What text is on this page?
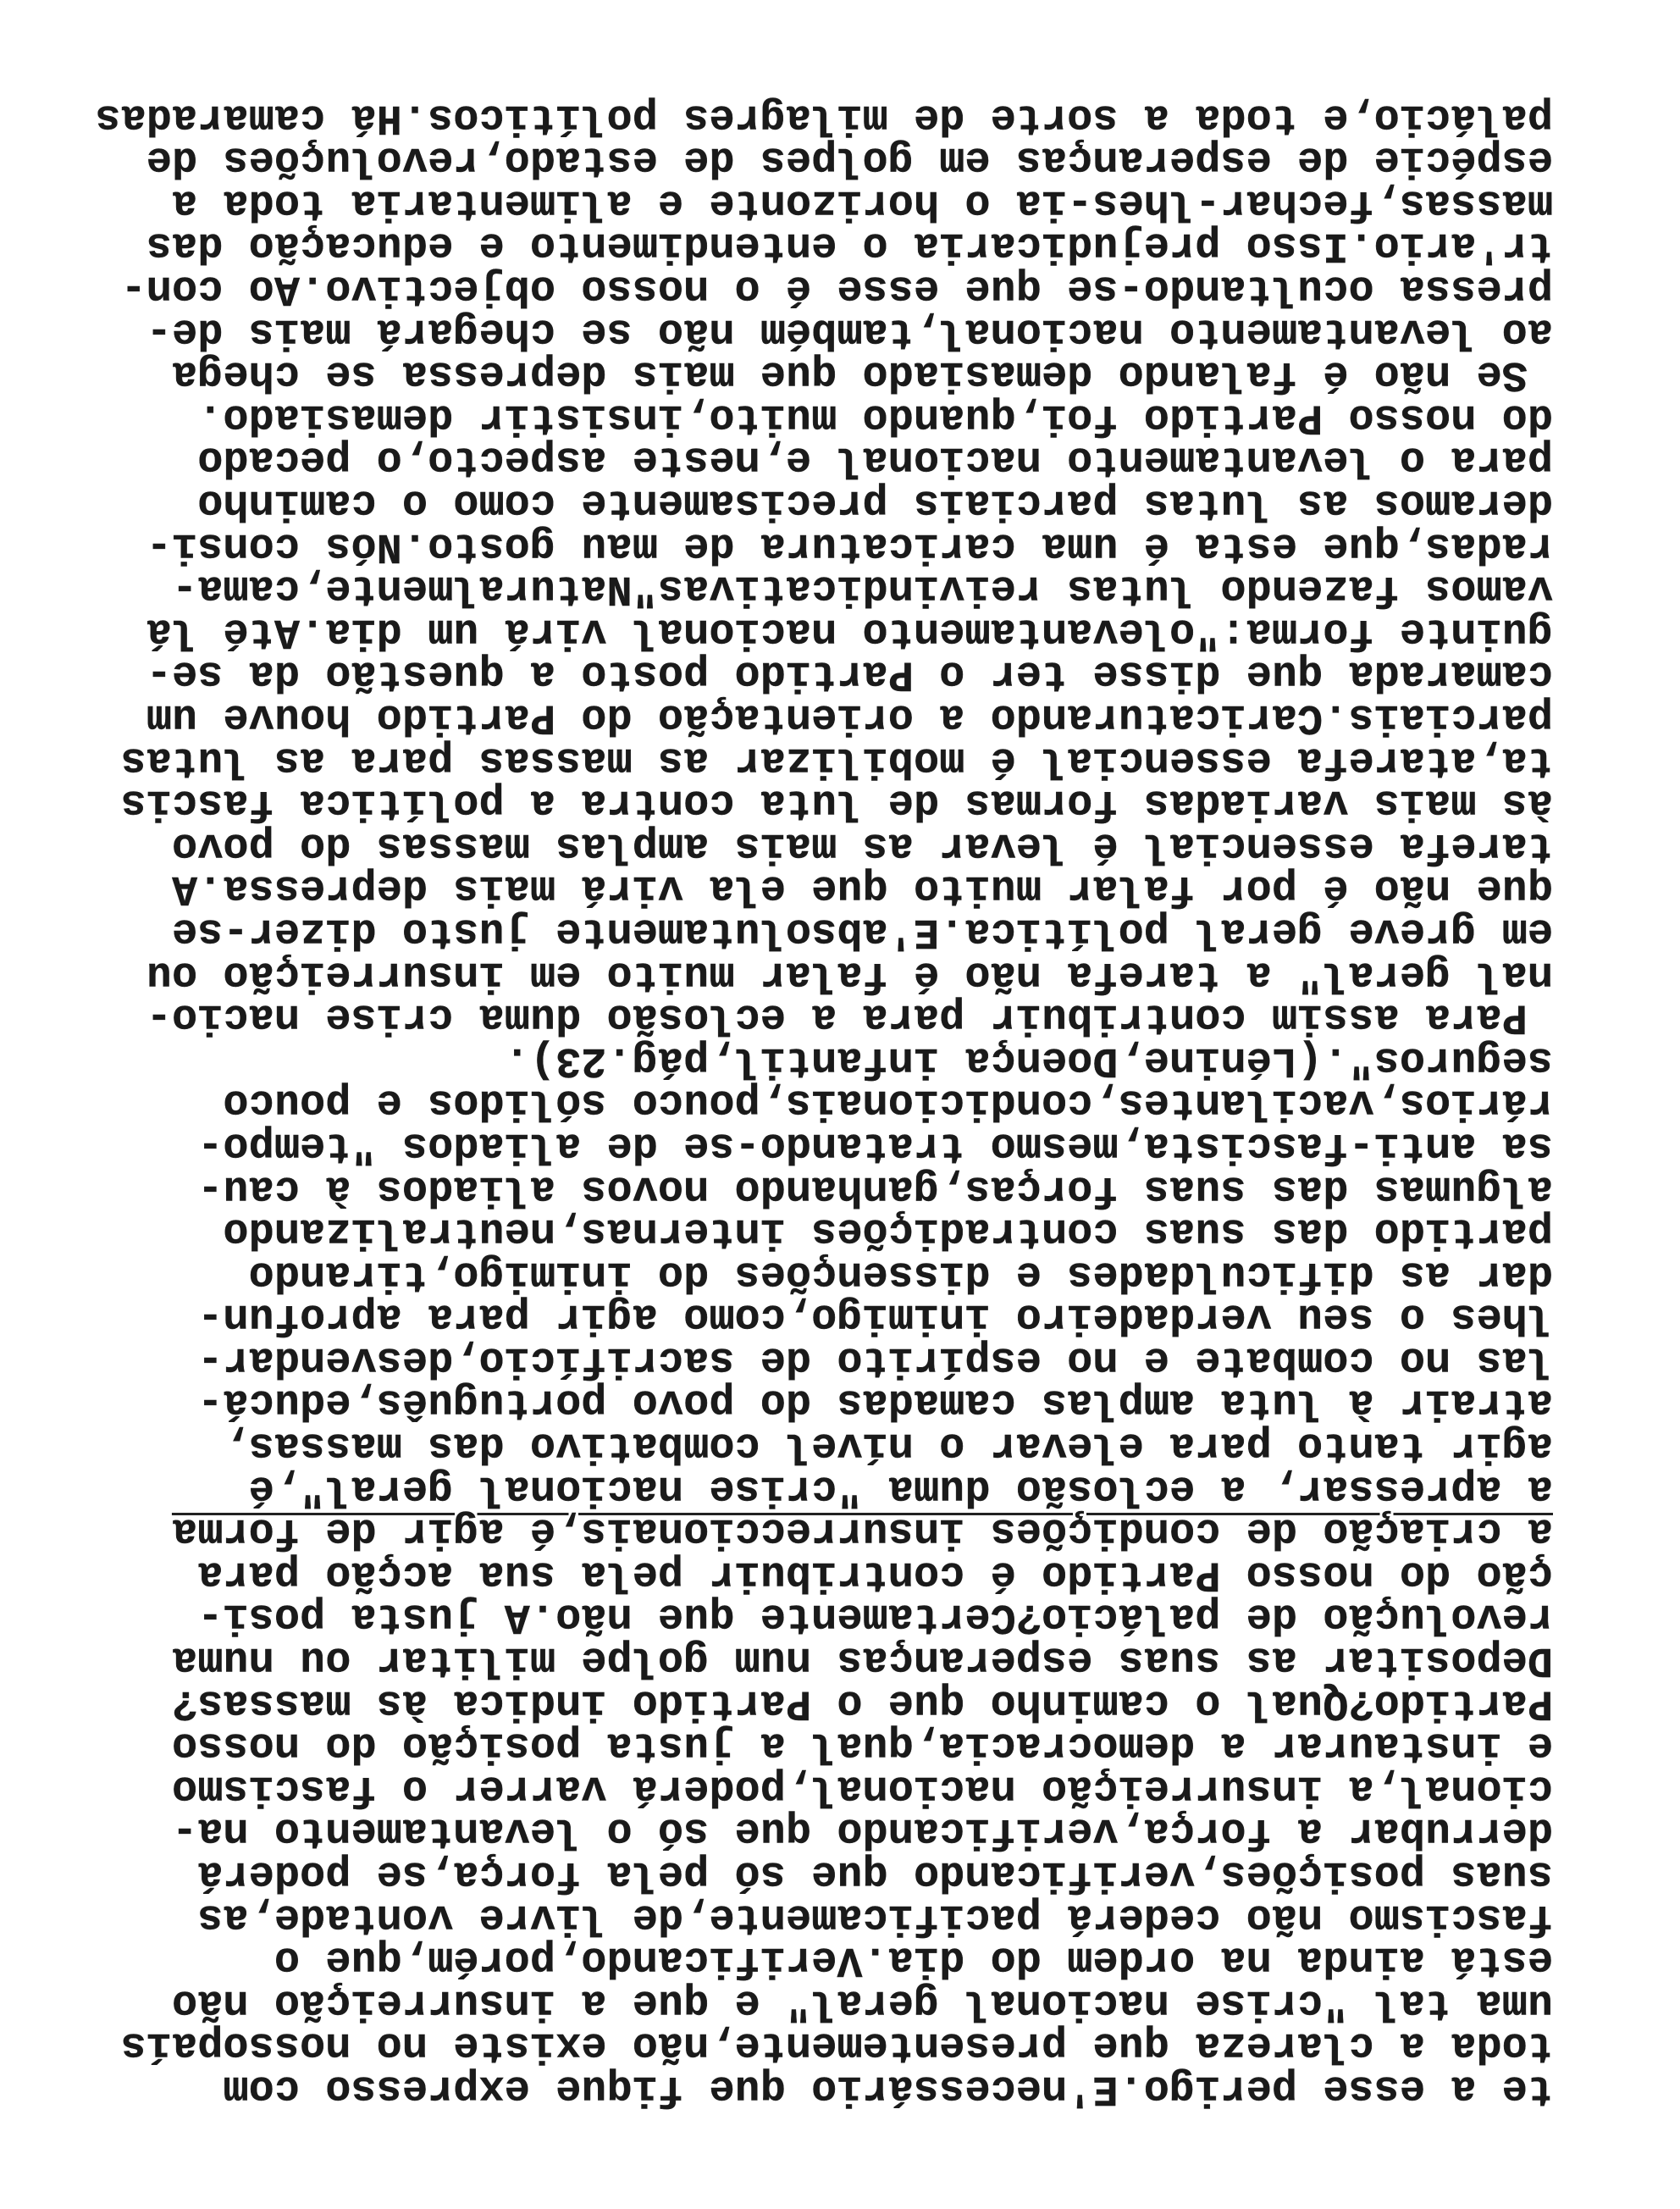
te a esse perigo.E'necessário que fique expresso com
toda a clareza que presentemente,não existe no nossopaís
uma tal "crise nacional geral" e que a insurreição não
está ainda na ordem do dia.Verificando,porém,que o
fascismo não cederá pacificamente,de livre vontade,as
suas posições,verificando que só pela força,se poderá
derrubar a força,verificando que só o levantamento na-
cional,a insurreição nacional,poderá varrer o fascismo
e instaurar a democracia,qual a justa posição do nosso
Partido?Qual o caminho que o Partido indica às massas?
Depositar as suas esperanças num golpe militar ou numa
revolução de palácio?Certamente que não.A justa posi-
ção do nosso Partido é contribuir pela sua acção para
a criação de condições insurreccionais,é agir de forma
a apressar, a eclosão duma "crise nacional geral",é
agir tanto para elevar o nível combativo das massas,
atrair à luta amplas camadas do povo português,educá-
las no combate e no espírito de sacrifício,desvendar-
lhes o seu verdadeiro inimigo,como agir para aprofun-
dar as dificuldades e dissenções do inimigo,tirando
partido das suas contradições internas,neutralizando
algumas das suas forças,ganhando novos aliados à cau-
sa anti-fascista,mesmo tratando-se de aliados "tempo-
rários,vacilantes,condicionais,pouco sólidos e pouco
seguros".(Lénine,Doença infantil,pág.23).
Para assim contribuir para a eclosão duma crise nacio-
nal geral" a tarefa não é falar muito em insurreição ou
em greve geral política.E'absolutamente justo dizer-se
que não é por falar muito que ela virá mais depressa.A
tarefa essencial é levar as mais amplas massas do povo
às mais variadas formas de luta contra a política fascis
ta,atarefa essencial é mobilizar as massas para as lutas
parciais.Caricaturando a orientação do Partido houve um
camarada que disse ter o Partido posto a questão da se-
guinte forma:"olevantamento nacional virá um dia.Até lá
vamos fazendo lutas reivindicativas"Naturalmente,cama-
radas,que esta é uma caricatura de mau gosto.Nós consi-
deramos as lutas parciais precisamente como o caminho
para o levantamento nacional e,neste aspecto,o pecado
do nosso Partido foi,quando muito,insistir demasiado.
Se não é falando demasiado que mais depressa se chega
ao levantamento nacional,também não se chegará mais de-
pressa ocultando-se que esse é o nosso objectivo.Ao con-
tr'ario.Isso prejudicaria o entendimento e educação das
massas,fechar-lhes-ia o horizonte e alimentaria toda a
espécie de esperanças em golpes de estado,revoluções de
palácio,e toda a sorte de milagres políticos.Há camaradas
